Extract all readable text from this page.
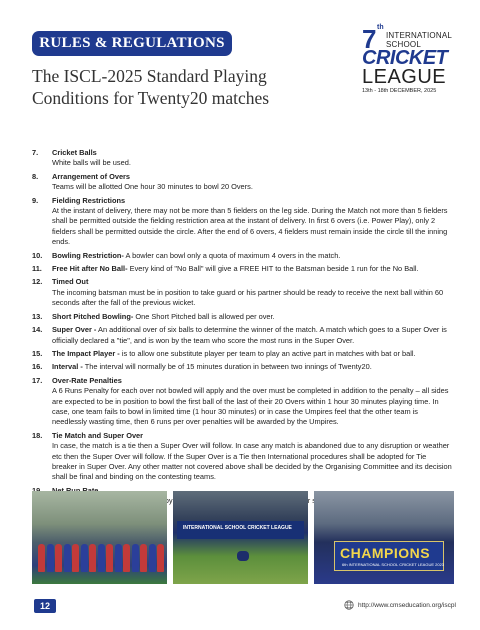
RULES & REGULATIONS
The ISCL-2025 Standard Playing
Conditions for Twenty20 matches
7 th
INTERNATIONAL
SCHOOL
CRICKET
LEAGUE
13th - 18th DECEMBER, 2025
7. Cricket Balls
White balls will be used.
8. Arrangement of Overs
Teams will be allotted One hour 30 minutes to bowl 20 Overs.
9. Fielding Restrictions
At the instant of delivery, there may not be more than 5 fielders on the leg side. During the Match not more than 5 fielders shall be permitted outside the fielding restriction area at the instant of delivery. In first 6 overs (i.e. Power Play), only 2 fielders shall be permitted outside the circle. After the end of 6 overs, 4 fielders must remain inside the circle till the inning ends.
10. Bowling Restriction- A bowler can bowl only a quota of maximum 4 overs in the match.
11. Free Hit after No Ball- Every kind of "No Ball" will give a FREE HIT to the Batsman beside 1 run for the No Ball.
12. Timed Out
The incoming batsman must be in position to take guard or his partner should be ready to receive the next ball within 60 seconds after the fall of the previous wicket.
13. Short Pitched Bowling- One Short Pitched ball is allowed per over.
14. Super Over - An additional over of six balls to determine the winner of the match. A match which goes to a Super Over is officially declared a "tie", and is won by the team who score the most runs in the Super Over.
15. The Impact Player - is to allow one substitute player per team to play an active part in matches with bat or ball.
16. Interval - The interval will normally be of 15 minutes duration in between two innings of Twenty20.
17. Over-Rate Penalties
A 6 Runs Penalty for each over not bowled will apply and the over must be completed in addition to the penalty – all sides are expected to be in position to bowl the first ball of the last of their 20 Overs within 1 hour 30 minutes playing time. In case, one team fails to bowl in limited time (1 hour 30 minutes) or in case the Umpires feel that the other team is needlessly wasting time, then 6 runs per over penalties will be awarded by the Umpires.
18. Tie Match and Super Over
In case, the match is a tie then a Super Over will follow. In case any match is abandoned due to any disruption or weather etc then the Super Over will follow. If the Super Over is a Tie then International procedures shall be adopted for Tie breaker in Super Over. Any other matter not covered above shall be decided by the Organising Committee and its decision shall be final and binding on the contesting teams.
by
INTERNATIONAL SCHOOL CRICKET LEAGUE
CHAMPIONS
6th INTERNATIONAL SCHOOL CRICKET LEAGUE 2023
12	http://www.cmseducation.org/iscpl
